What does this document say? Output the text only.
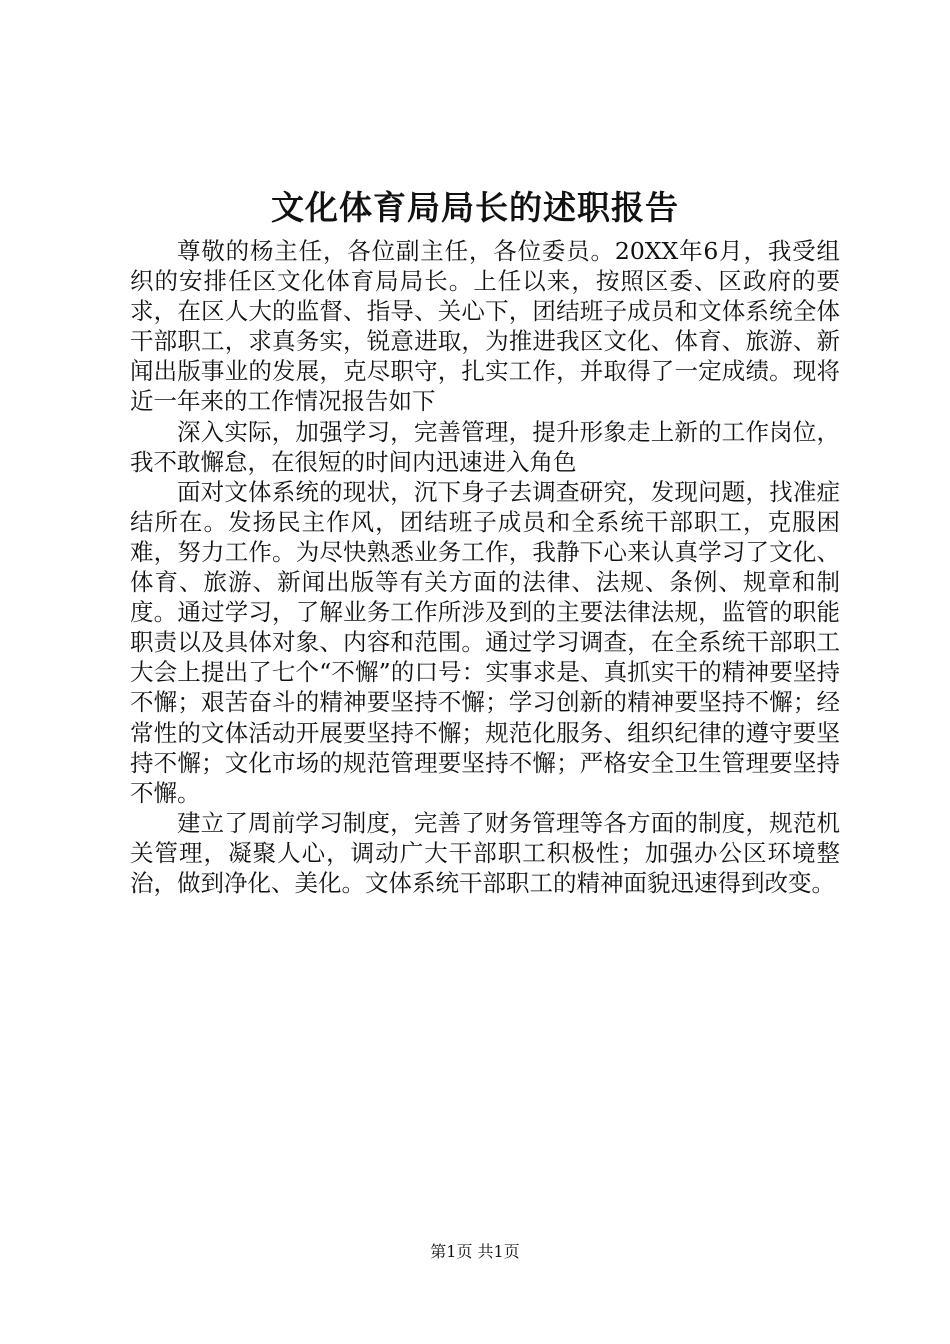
文化体育局局长的述职报告

尊敬的杨主任，各位副主任，各位委员。20XX年6月，我受组织的安排任区文化体育局局长。上任以来，按照区委、区政府的要求，在区人大的监督、指导、关心下，团结班子成员和文体系统全体干部职工，求真务实，锐意进取，为推进我区文化、体育、旅游、新闻出版事业的发展，克尽职守，扎实工作，并取得了一定成绩。现将近一年来的工作情况报告如下

深入实际，加强学习，完善管理，提升形象走上新的工作岗位，我不敢懈怠，在很短的时间内迅速进入角色

面对文体系统的现状，沉下身子去调查研究，发现问题，找准症结所在。发扬民主作风，团结班子成员和全系统干部职工，克服困难，努力工作。为尽快熟悉业务工作，我静下心来认真学习了文化、体育、旅游、新闻出版等有关方面的法律、法规、条例、规章和制度。通过学习，了解业务工作所涉及到的主要法律法规，监管的职能职责以及具体对象、内容和范围。通过学习调查，在全系统干部职工大会上提出了七个“不懈”的口号：实事求是、真抓实干的精神要坚持不懈；艰苦奋斗的精神要坚持不懈；学习创新的精神要坚持不懈；经常性的文体活动开展要坚持不懈；规范化服务、组织纪律的遵守要坚持不懈；文化市场的规范管理要坚持不懈；严格安全卫生管理要坚持不懈。

建立了周前学习制度，完善了财务管理等各方面的制度，规范机关管理，凝聚人心，调动广大干部职工积极性；加强办公区环境整治，做到净化、美化。文体系统干部职工的精神面貌迅速得到改变。

第1页 共1页
